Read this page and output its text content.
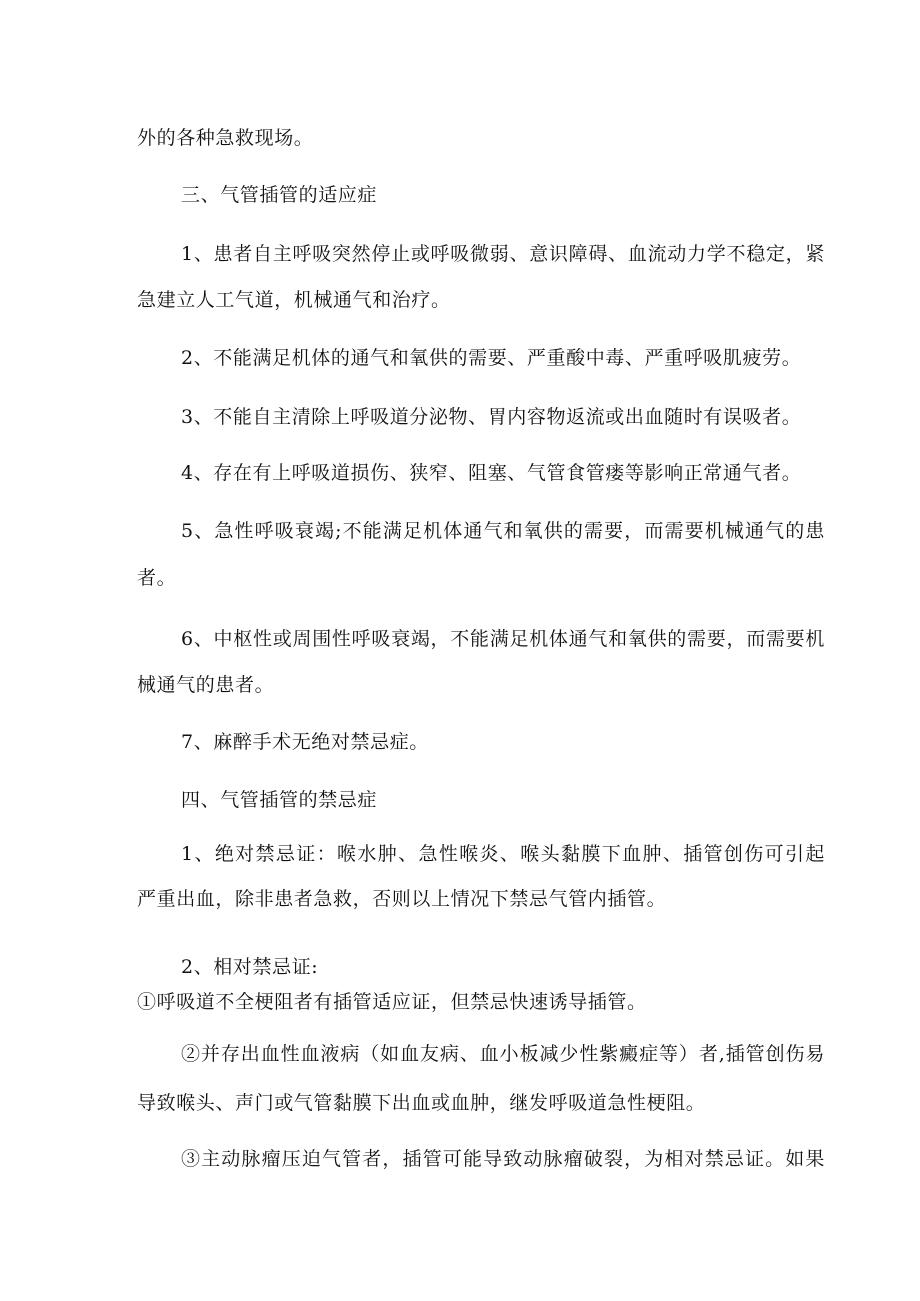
外的各种急救现场。
三、气管插管的适应症
1、患者自主呼吸突然停止或呼吸微弱、意识障碍、血流动力学不稳定，紧
急建立人工气道，机械通气和治疗。
2、不能满足机体的通气和氧供的需要、严重酸中毒、严重呼吸肌疲劳。
3、不能自主清除上呼吸道分泌物、胃内容物返流或出血随时有误吸者。
4、存在有上呼吸道损伤、狭窄、阻塞、气管食管瘘等影响正常通气者。
5、急性呼吸衰竭;不能满足机体通气和氧供的需要，而需要机械通气的患
者。
6、中枢性或周围性呼吸衰竭，不能满足机体通气和氧供的需要，而需要机
械通气的患者。
7、麻醉手术无绝对禁忌症。
四、气管插管的禁忌症
1、绝对禁忌证：喉水肿、急性喉炎、喉头黏膜下血肿、插管创伤可引起
严重出血，除非患者急救，否则以上情况下禁忌气管内插管。
2、相对禁忌证:
①呼吸道不全梗阻者有插管适应证，但禁忌快速诱导插管。
②并存出血性血液病（如血友病、血小板减少性紫癜症等）者,插管创伤易
导致喉头、声门或气管黏膜下出血或血肿，继发呼吸道急性梗阻。
③主动脉瘤压迫气管者，插管可能导致动脉瘤破裂，为相对禁忌证。如果
